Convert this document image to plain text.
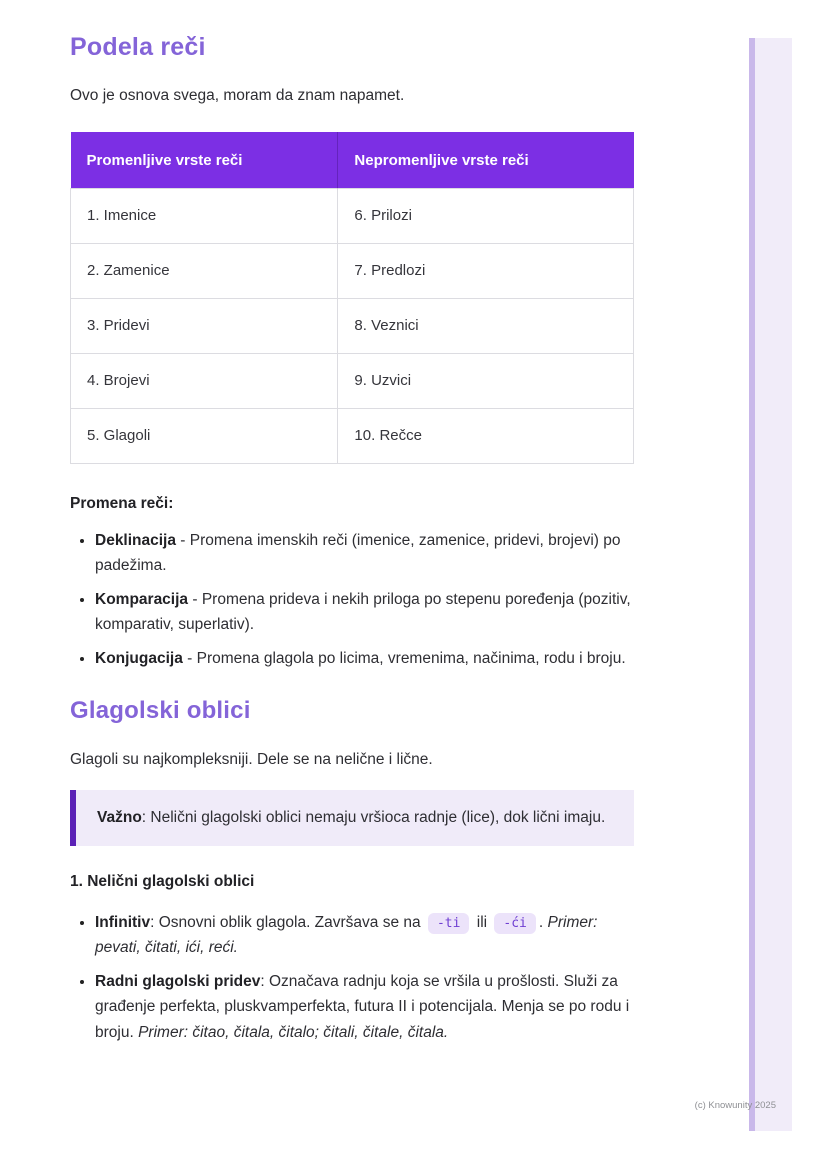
Podela reči

Ovo je osnova svega, moram da znam napamet.

Promenljive vrste reči	Nepromenljive vrste reči
1. Imenice	6. Prilozi
2. Zamenice	7. Predlozi
3. Pridevi	8. Veznici
4. Brojevi	9. Uzvici
5. Glagoli	10. Rečce

Promena reči:

• Deklinacija - Promena imenskih reči (imenice, zamenice, pridevi, brojevi) po padežima.
• Komparacija - Promena prideva i nekih priloga po stepenu poređenja (pozitiv, komparativ, superlativ).
• Konjugacija - Promena glagola po licima, vremenima, načinima, rodu i broju.
Glagolski oblici

Glagoli su najkompleksniji. Dele se na nelične i lične.

Važno: Nelični glagolski oblici nemaju vršioca radnje (lice), dok lični imaju.

1. Nelični glagolski oblici

• Infinitiv: Osnovni oblik glagola. Završava se na -ti ili -ći . Primer: pevati, čitati, ići, reći.
• Radni glagolski pridev: Označava radnju koja se vršila u prošlosti. Služi za građenje perfekta, pluskvamperfekta, futura II i potencijala. Menja se po rodu i broju. Primer: čitao, čitala, čitalo; čitali, čitale, čitala.
(c) Knowunity 2025
